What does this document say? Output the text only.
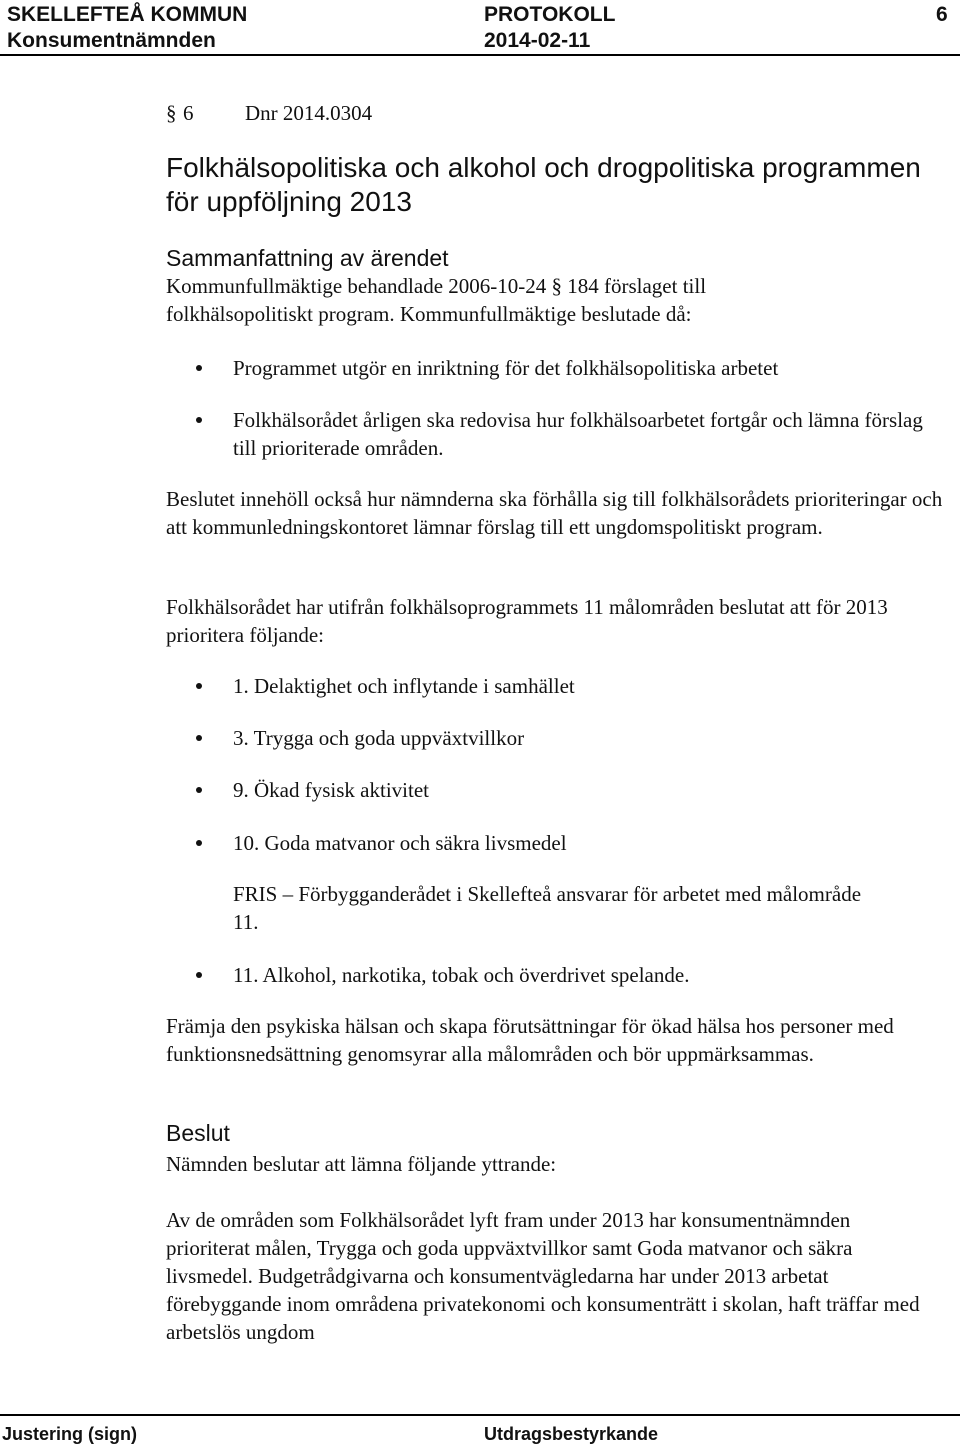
SKELLEFTEÅ KOMMUN	PROTOKOLL	6
Konsumentnämnden	2014-02-11
§ 6 Dnr 2014.0304
Folkhälsopolitiska och alkohol och drogpolitiska programmen för uppföljning 2013
Sammanfattning av ärendet

Kommunfullmäktige behandlade 2006-10-24 § 184 förslaget till

folkhälsopolitiskt program. Kommunfullmäktige beslutade då:

Programmet utgör en inriktning för det folkhälsopolitiska arbetet

Folkhälsorådet årligen ska redovisa hur folkhälsoarbetet fortgår och lämna förslag till prioriterade områden.

Beslutet innehöll också hur nämnderna ska förhålla sig till folkhälsorådets prioriteringar och att kommunledningskontoret lämnar förslag till ett ungdomspolitiskt program.

Folkhälsorådet har utifrån folkhälsoprogrammets 11 målområden beslutat att för 2013 prioritera följande:

1. Delaktighet och inflytande i samhället

3. Trygga och goda uppväxtvillkor

9. Ökad fysisk aktivitet

10. Goda matvanor och säkra livsmedel

FRIS – Förbygganderådet i Skellefteå ansvarar för arbetet med målområde 11.

11. Alkohol, narkotika, tobak och överdrivet spelande.

Främja den psykiska hälsan och skapa förutsättningar för ökad hälsa hos personer med funktionsnedsättning genomsyrar alla målområden och bör uppmärksammas.

Beslut

Nämnden beslutar att lämna följande yttrande:

Av de områden som Folkhälsorådet lyft fram under 2013 har konsumentnämnden prioriterat målen, Trygga och goda uppväxtvillkor samt Goda matvanor och säkra livsmedel. Budgetrådgivarna och konsumentvägledarna har under 2013 arbetat förebyggande inom områdena privatekonomi och konsumenträtt i skolan, haft träffar med arbetslös ungdom

Justering (sign)	Utdragsbestyrkande
